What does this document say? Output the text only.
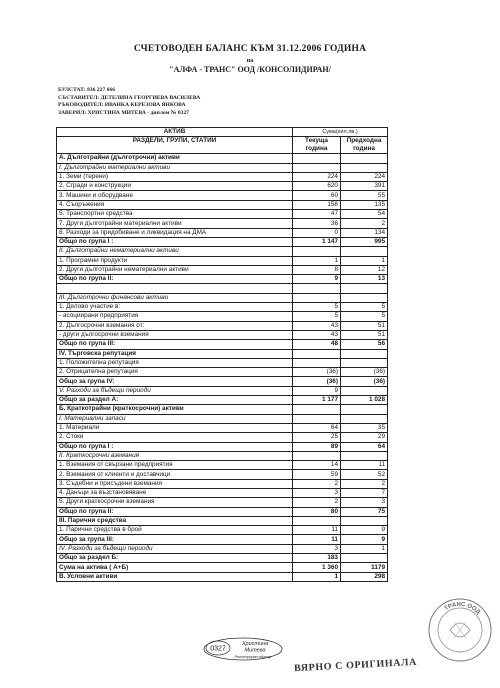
СЧЕТОВОДЕН БАЛАНС КЪМ 31.12.2006 ГОДИНА
на
"АЛФА - ТРАНС" ООД /КОНСОЛИДИРАН/
БУЛСТАТ: 836 227 666
СЪСТАВИТЕЛ: ДЕТЕЛИНА ГЕОРГИЕВА ВАСИЛЕВА
РЪКОВОДИТЕЛ: ИВАНКА КЕРЕЗОВА ЯНКОВА
ЗАВЕРИЛ: ХРИСТИНА МИТЕВА - диплом № 0327
АКТИВ	Сума(хил.лв.)	
РАЗДЕЛИ, ГРУПИ, СТАТИИ	Текуща година	Предходна година
А. Дълготрайни (дълготрочни) активи		
I. Дълготрайни материални активи		
1. Земи (терени)	224	224
2. Сгради и конструкции	620	391
3. Машини и оборудване	60	55
4. Съоръжения	158	135
5. Транспортни средства	47	54
7. Други дълготрайни материални активи	36	2
8. Разходи за придобиване и ликвидация на ДМА	0	134
Общо по група I :	1 147	995
II. Дълготрайни нематериални активи		
1. Програмни продукти	1	1
2. Други дълготрайни нематериални активи	8	12
Общо по група II:	9	13

III. Дълготрочни финансови активи		
1. Дялово участие в:	5	5
- асоциирани предприятия	5	5
2. Дългосрочни вземания от:	43	51
- други дългосрочни вземания	43	51
Общо по група III:	48	56
IV. Търговска репутация		
1. Положителна репутация		
2. Отрицателна репутация	(36)	(36)
Общо за група IV:	(36)	(36)
V. Разходи за бъдещи периоди	9	
Общо за раздел А:	1 177	1 028
Б. Краткотрайни (краткосрочни) активи		
I. Материални запаси		
1. Материали	64	35
2. Стоки	25	29
Общо по група I :	89	64
II. Краткосрочни вземания		
1. Вземания от свързани предприятия	14	11
2. Вземания от клиенти и доставчици	59	52
3. Съдебни и присъдени вземания	2	2
4. Данъци за възстановяване	3	7
5. Други краткосрочни вземания	2	3
Общо по група II:	80	75
III. Парични средства		
1. Парични средства в брой	11	9
Общо за група III:	11	9
IV. Разходи за бъдещи периоди	3	1
Общо за раздел Б:	183	
Сума на актива ( А+Б)	1 360	1179
В. Условни активи	1	298
0327
Христина
Митева
Регистриран одитор
ТРАНС ООД
ВЯРНО С ОРИГИНАЛА
